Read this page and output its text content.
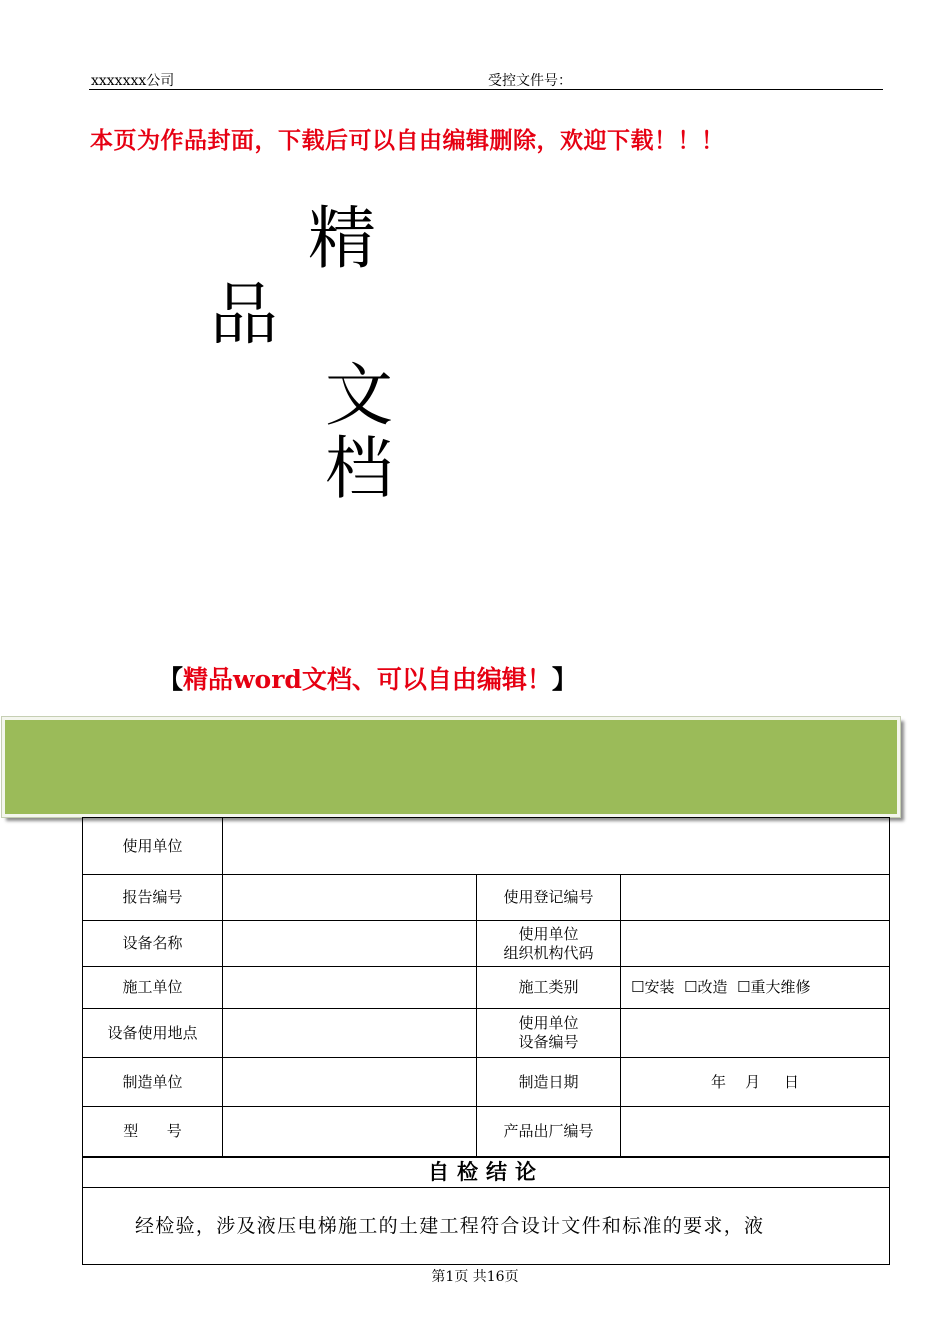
xxxxxxx公司	受控文件号：
本页为作品封面，下载后可以自由编辑删除，欢迎下载！！！
精
品
文
档
【精品word文档、可以自由编辑！】
使用单位			
报告编号		使用登记编号	
设备名称		使用单位
组织机构代码	
施工单位		施工类别	☐安装 ☐改造 ☐重大维修
设备使用地点		使用单位
设备编号	
制造单位		制造日期	年    月     日
型      号		产品出厂编号	
自检结论			
经检验，涉及液压电梯施工的土建工程符合设计文件和标准的要求，液			
第1页 共16页
